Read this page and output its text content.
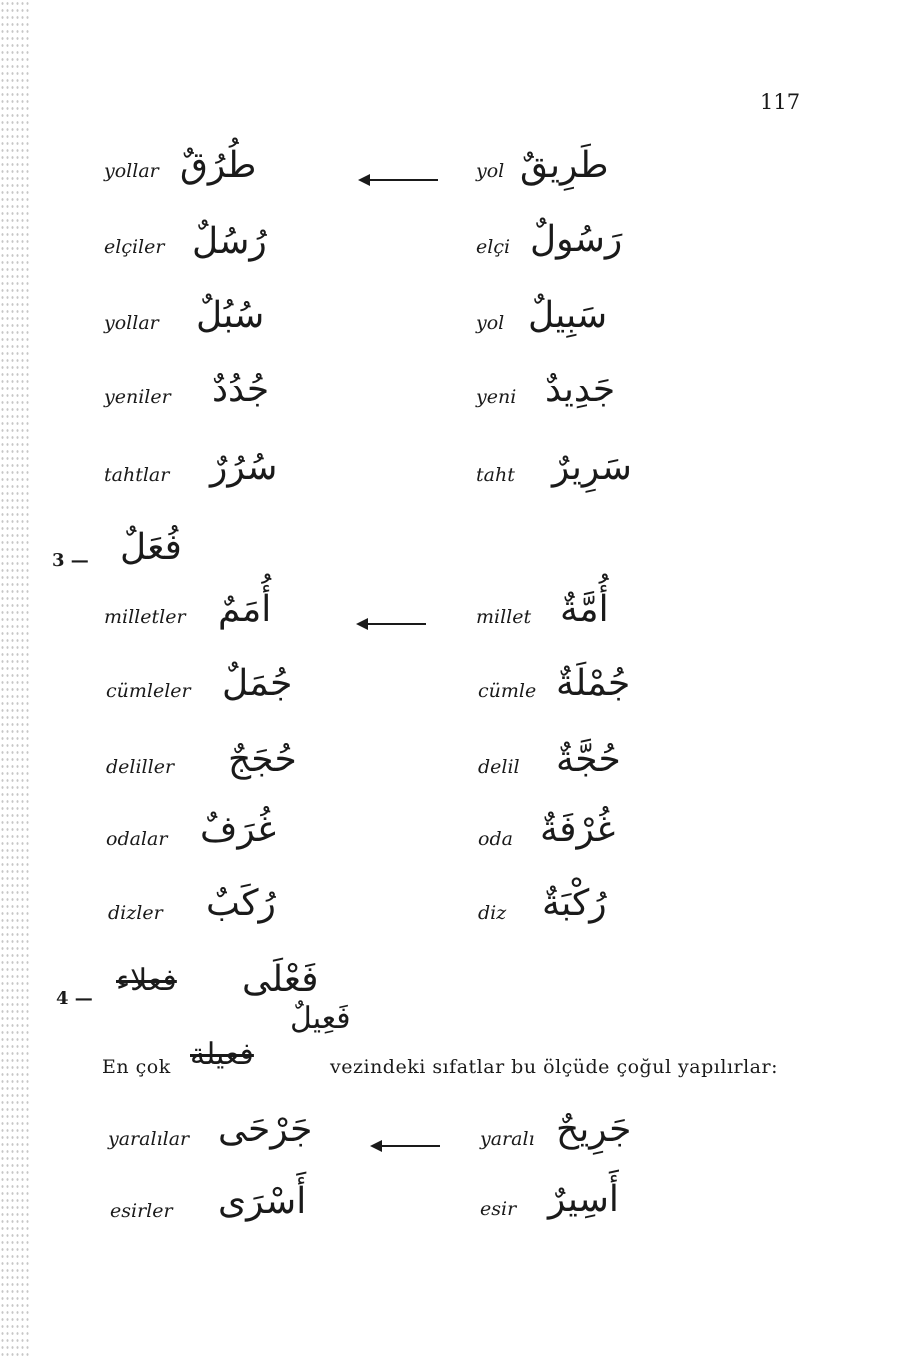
117
yollar طُرُقٌ	yol طَرِيقٌ
elçiler رُسُلٌ	elçi رَسُولٌ
yollar سُبُلٌ	yol سَبِيلٌ
yeniler جُدُدٌ	yeni جَدِيدٌ
tahtlar سُرُرٌ	taht سَرِيرٌ
3 — فُعَلٌ
milletler أُمَمٌ	millet أُمَّةٌ
cümleler جُمَلٌ	cümle جُمْلَةٌ
deliller حُجَجٌ	delil حُجَّةٌ
odalar غُرَفٌ	oda غُرْفَةٌ
dizler رُكَبٌ	diz رُكْبَةٌ
4 —
فعلاء فَعْلَى
فَعِيلٌ
En çok فعيلة	vezindeki sıfatlar bu ölçüde çoğul yapılırlar:
yaralılar جَرْحَى	yaralı جَرِيحٌ
esirler أَسْرَى	esir أَسِيرٌ
